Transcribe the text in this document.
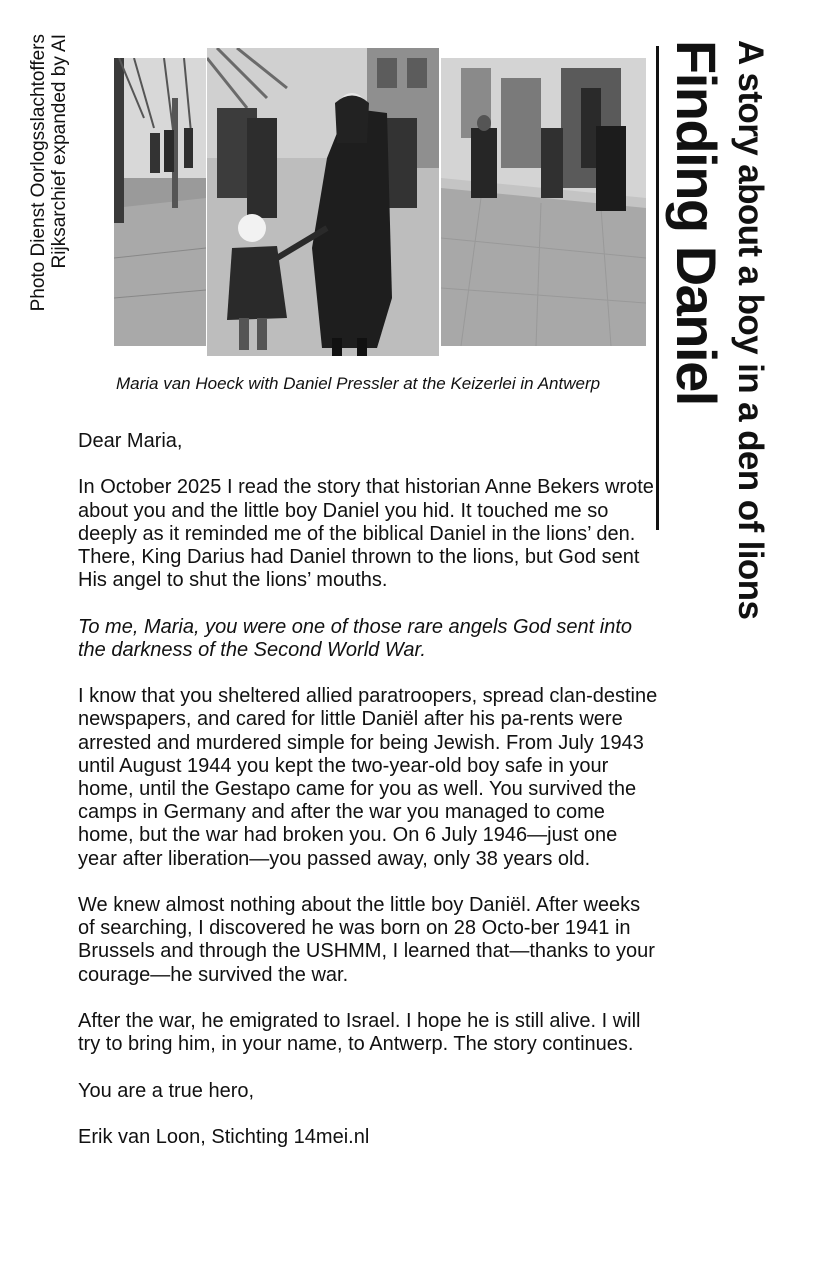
Photo Dienst Oorlogsslachtoffers Rijksarchief expanded by AI	A story about a boy in a den of lions
Finding Daniel
Maria van Hoeck with Daniel Pressler at the Keizerlei in Antwerp

Dear Maria,

In October 2025 I read the story that historian Anne Bekers wrote about you and the little boy Daniel you hid. It touched me so deeply as it reminded me of the biblical Daniel in the lions’ den. There, King Darius had Daniel thrown to the lions, but God sent His angel to shut the lions’ mouths.

To me, Maria, you were one of those rare angels God sent into the darkness of the Second World War.

I know that you sheltered allied paratroopers, spread clan-destine newspapers, and cared for little Daniël after his pa-rents were arrested and murdered simple for being Jewish. From July 1943 until August 1944 you kept the two-year-old boy safe in your home, until the Gestapo came for you as well. You survived the camps in Germany and after the war you managed to come home, but the war had broken you. On 6 July 1946—just one year after liberation—you passed away, only 38 years old.

We knew almost nothing about the little boy Daniël. After weeks of searching, I discovered he was born on 28 Octo-ber 1941 in Brussels and through the USHMM, I learned that—thanks to your courage—he survived the war.

After the war, he emigrated to Israel. I hope he is still alive. I will try to bring him, in your name, to Antwerp. The story continues.

You are a true hero,

Erik van Loon, Stichting 14mei.nl
